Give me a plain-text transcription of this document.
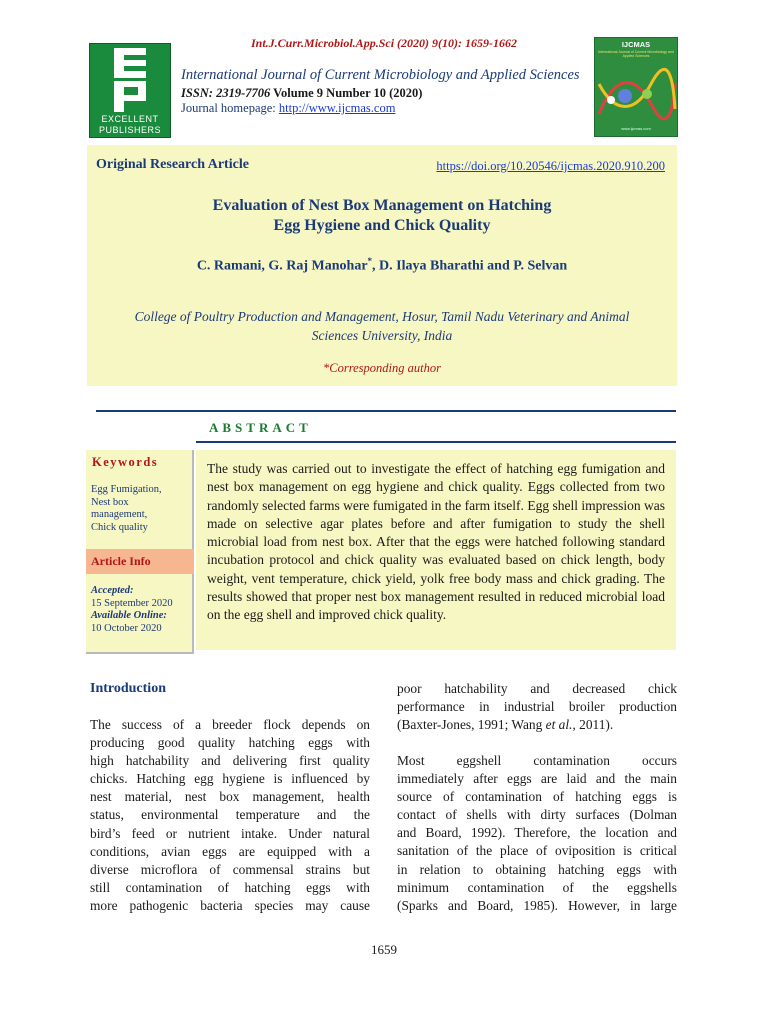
Int.J.Curr.Microbiol.App.Sci (2020) 9(10): 1659-1662
EXCELLENT
PUBLISHERS
International Journal of Current Microbiology and Applied Sciences
ISSN: 2319-7706 Volume 9 Number 10 (2020)
Journal homepage: http://www.ijcmas.com
IJCMAS
International Journal of Current Microbiology and Applied Sciences
www.ijcmas.com
Original Research Article	https://doi.org/10.20546/ijcmas.2020.910.200
Evaluation of Nest Box Management on Hatching
Egg Hygiene and Chick Quality
C. Ramani, G. Raj Manohar*, D. Ilaya Bharathi and P. Selvan
College of Poultry Production and Management, Hosur, Tamil Nadu Veterinary and Animal
Sciences University, India
*Corresponding author
ABSTRACT
Keywords
Egg Fumigation,
Nest box
management,
Chick quality
Article Info
Accepted:
15 September 2020
Available Online:
10 October 2020
The study was carried out to investigate the effect of hatching egg fumigation and nest box management on egg hygiene and chick quality. Eggs collected from two randomly selected farms were fumigated in the farm itself. Egg shell impression was made on selective agar plates before and after fumigation to study the shell microbial load from nest box. After that the eggs were hatched following standard incubation protocol and chick quality was evaluated based on chick length, body weight, vent temperature, chick yield, yolk free body mass and chick grading. The results showed that proper nest box management resulted in reduced microbial load on the egg shell and improved chick quality.
Introduction
The success of a breeder flock depends on
producing good quality hatching eggs with
high hatchability and delivering first quality
chicks. Hatching egg hygiene is influenced by
nest material, nest box management, health
status, environmental temperature and the
bird’s feed or nutrient intake. Under natural
conditions, avian eggs are equipped with a
diverse microflora of commensal strains but
still contamination of hatching eggs with
more pathogenic bacteria species may cause
poor hatchability and decreased chick
performance in industrial broiler production
(Baxter-Jones, 1991; Wang et al., 2011).
Most eggshell contamination occurs
immediately after eggs are laid and the main
source of contamination of hatching eggs is
contact of shells with dirty surfaces (Dolman
and Board, 1992). Therefore, the location and
sanitation of the place of oviposition is critical
in relation to obtaining hatching eggs with
minimum contamination of the eggshells
(Sparks and Board, 1985). However, in large
1659
